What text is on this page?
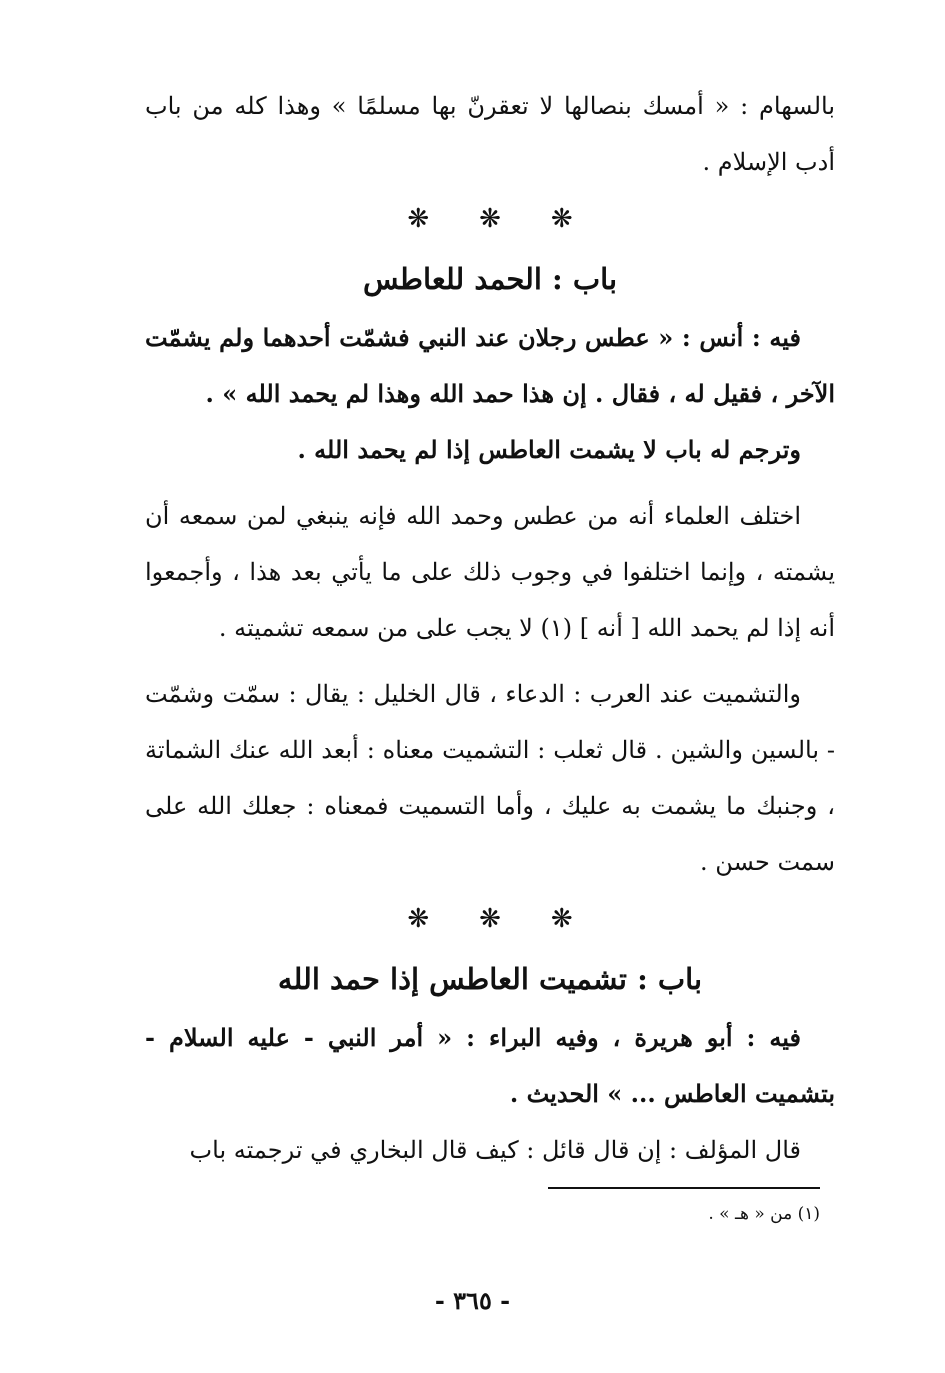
بالسهام : « أمسك بنصالها لا تعقرنّ بها مسلمًا » وهذا كله من باب أدب الإسلام .

❋
❋
❋
باب : الحمد للعاطس

فيه : أنس : « عطس رجلان عند النبي فشمّت أحدهما ولم يشمّت الآخر ، فقيل له ، فقال . إن هذا حمد الله وهذا لم يحمد الله » .

وترجم له باب لا يشمت العاطس إذا لم يحمد الله .

اختلف العلماء أنه من عطس وحمد الله فإنه ينبغي لمن سمعه أن يشمته ، وإنما اختلفوا في وجوب ذلك على ما يأتي بعد هذا ، وأجمعوا أنه إذا لم يحمد الله [ أنه ] (١) لا يجب على من سمعه تشميته .

والتشميت عند العرب : الدعاء ، قال الخليل : يقال : سمّت وشمّت - بالسين والشين . قال ثعلب : التشميت معناه : أبعد الله عنك الشماتة ، وجنبك ما يشمت به عليك ، وأما التسميت فمعناه : جعلك الله على سمت حسن .

❋
❋
❋
باب : تشميت العاطس إذا حمد الله

فيه : أبو هريرة ، وفيه البراء : « أمر النبي - عليه السلام - بتشميت العاطس ... » الحديث .

قال المؤلف : إن قال قائل : كيف قال البخاري في ترجمته باب

(١) من « هـ » .
- ٣٦٥ -
